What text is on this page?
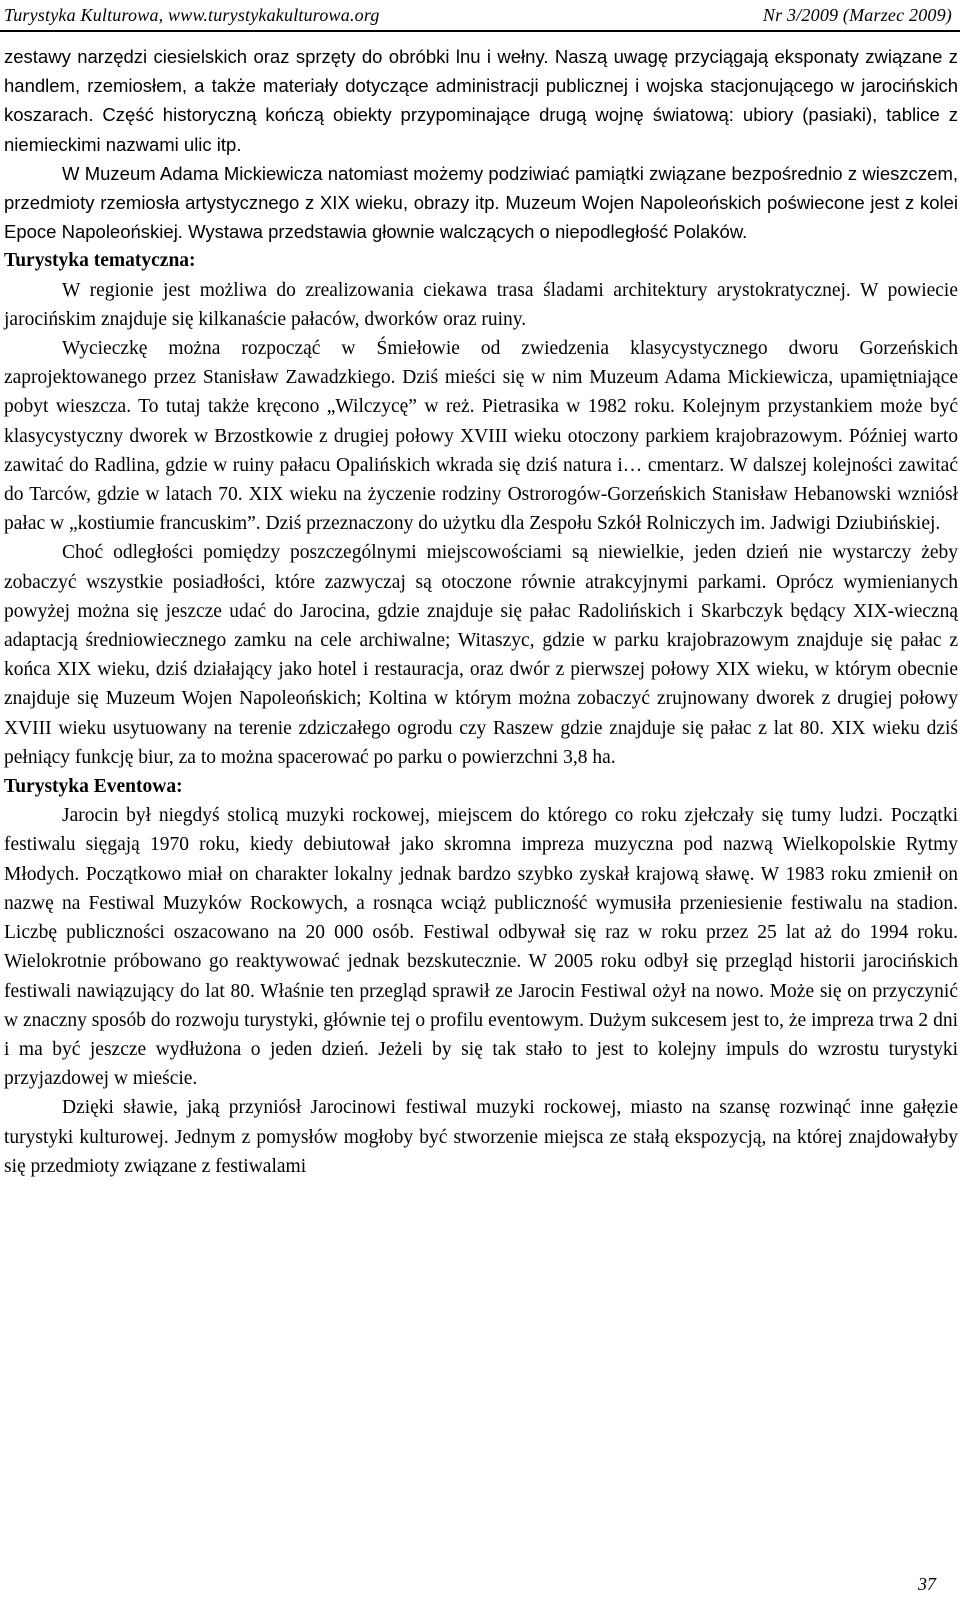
Turystyka Kulturowa, www.turystykakulturowa.org	Nr 3/2009 (Marzec 2009)

zestawy narzędzi ciesielskich oraz sprzęty do obróbki lnu i wełny. Naszą uwagę przyciągają eksponaty związane z handlem, rzemiosłem, a także materiały dotyczące administracji publicznej i wojska stacjonującego w jarocińskich koszarach. Część historyczną kończą obiekty przypominające drugą wojnę światową: ubiory (pasiaki), tablice z niemieckimi nazwami ulic itp.

W Muzeum Adama Mickiewicza natomiast możemy podziwiać pamiątki związane bezpośrednio z wieszczem, przedmioty rzemiosła artystycznego z XIX wieku, obrazy itp. Muzeum Wojen Napoleońskich poświecone jest z kolei Epoce Napoleońskiej. Wystawa przedstawia głownie walczących o niepodległość Polaków.

Turystyka tematyczna:

W regionie jest możliwa do zrealizowania ciekawa trasa śladami architektury arystokratycznej. W powiecie jarocińskim znajduje się kilkanaście pałaców, dworków oraz ruiny.

Wycieczkę można rozpocząć w Śmiełowie od zwiedzenia klasycystycznego dworu Gorzeńskich zaprojektowanego przez Stanisław Zawadzkiego. Dziś mieści się w nim Muzeum Adama Mickiewicza, upamiętniające pobyt wieszcza. To tutaj także kręcono „Wilczycę” w reż. Pietrasika w 1982 roku. Kolejnym przystankiem może być klasycystyczny dworek w Brzostkowie z drugiej połowy XVIII wieku otoczony parkiem krajobrazowym. Później warto zawitać do Radlina, gdzie w ruiny pałacu Opalińskich wkrada się dziś natura i… cmentarz. W dalszej kolejności zawitać do Tarców, gdzie w latach 70. XIX wieku na życzenie rodziny Ostrorogów-Gorzeńskich Stanisław Hebanowski wzniósł pałac w „kostiumie francuskim”. Dziś przeznaczony do użytku dla Zespołu Szkół Rolniczych im. Jadwigi Dziubińskiej.

Choć odległości pomiędzy poszczególnymi miejscowościami są niewielkie, jeden dzień nie wystarczy żeby zobaczyć wszystkie posiadłości, które zazwyczaj są otoczone równie atrakcyjnymi parkami. Oprócz wymienianych powyżej można się jeszcze udać do Jarocina, gdzie znajduje się pałac Radolińskich i Skarbczyk będący XIX-wieczną adaptacją średniowiecznego zamku na cele archiwalne; Witaszyc, gdzie w parku krajobrazowym znajduje się pałac z końca XIX wieku, dziś działający jako hotel i restauracja, oraz dwór z pierwszej połowy XIX wieku, w którym obecnie znajduje się Muzeum Wojen Napoleońskich; Koltina w którym można zobaczyć zrujnowany dworek z drugiej połowy XVIII wieku usytuowany na terenie zdziczałego ogrodu czy Raszew gdzie znajduje się pałac z lat 80. XIX wieku dziś pełniący funkcję biur, za to można spacerować po parku o powierzchni 3,8 ha.

Turystyka Eventowa:

Jarocin był niegdyś stolicą muzyki rockowej, miejscem do którego co roku zjełczały się tumy ludzi. Początki festiwalu sięgają 1970 roku, kiedy debiutował jako skromna impreza muzyczna pod nazwą Wielkopolskie Rytmy Młodych. Początkowo miał on charakter lokalny jednak bardzo szybko zyskał krajową sławę. W 1983 roku zmienił on nazwę na Festiwal Muzyków Rockowych, a rosnąca wciąż publiczność wymusiła przeniesienie festiwalu na stadion. Liczbę publiczności oszacowano na 20 000 osób. Festiwal odbywał się raz w roku przez 25 lat aż do 1994 roku. Wielokrotnie próbowano go reaktywować jednak bezskutecznie. W 2005 roku odbył się przegląd historii jarocińskich festiwali nawiązujący do lat 80. Właśnie ten przegląd sprawił ze Jarocin Festiwal ożył na nowo. Może się on przyczynić w znaczny sposób do rozwoju turystyki, głównie tej o profilu eventowym. Dużym sukcesem jest to, że impreza trwa 2 dni i ma być jeszcze wydłużona o jeden dzień. Jeżeli by się tak stało to jest to kolejny impuls do wzrostu turystyki przyjazdowej w mieście.

Dzięki sławie, jaką przyniósł Jarocinowi festiwal muzyki rockowej, miasto na szansę rozwinąć inne gałęzie turystyki kulturowej. Jednym z pomysłów mogłoby być stworzenie miejsca ze stałą ekspozycją, na której znajdowałyby się przedmioty związane z festiwalami

37
